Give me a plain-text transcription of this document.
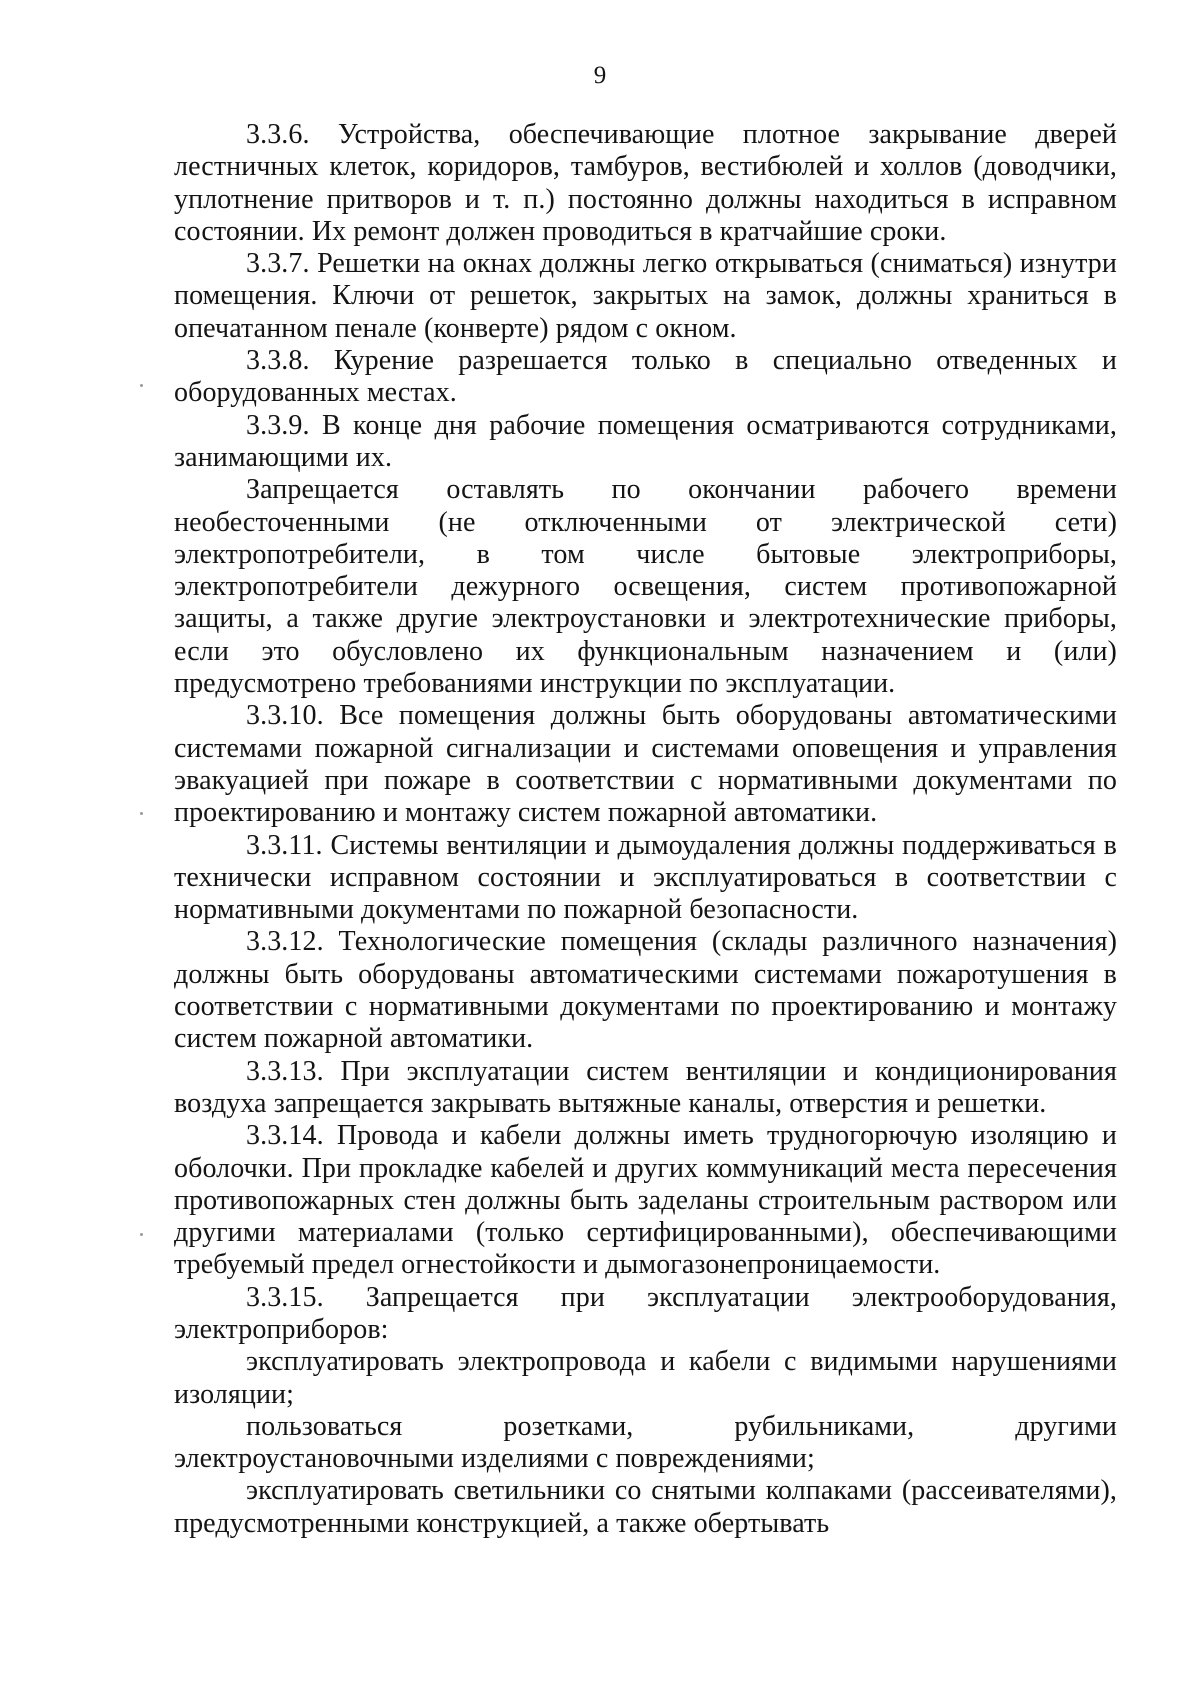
9

3.3.6. Устройства, обеспечивающие плотное закрывание дверей лестничных клеток, коридоров, тамбуров, вестибюлей и холлов (доводчики, уплотнение притворов и т. п.) постоянно должны находиться в исправном состоянии. Их ремонт должен проводиться в кратчайшие сроки.

3.3.7. Решетки на окнах должны легко открываться (сниматься) изнутри помещения. Ключи от решеток, закрытых на замок, должны храниться в опечатанном пенале (конверте) рядом с окном.

3.3.8. Курение разрешается только в специально отведенных и оборудованных местах.

3.3.9. В конце дня рабочие помещения осматриваются сотрудниками, занимающими их.

Запрещается оставлять по окончании рабочего времени необесточенными (не отключенными от электрической сети) электропотребители, в том числе бытовые электроприборы, электропотребители дежурного освещения, систем противопожарной защиты, а также другие электроустановки и электротехнические приборы, если это обусловлено их функциональным назначением и (или) предусмотрено требованиями инструкции по эксплуатации.

3.3.10. Все помещения должны быть оборудованы автоматическими системами пожарной сигнализации и системами оповещения и управления эвакуацией при пожаре в соответствии с нормативными документами по проектированию и монтажу систем пожарной автоматики.

3.3.11. Системы вентиляции и дымоудаления должны поддерживаться в технически исправном состоянии и эксплуатироваться в соответствии с нормативными документами по пожарной безопасности.

3.3.12. Технологические помещения (склады различного назначения) должны быть оборудованы автоматическими системами пожаротушения в соответствии с нормативными документами по проектированию и монтажу систем пожарной автоматики.

3.3.13. При эксплуатации систем вентиляции и кондиционирования воздуха запрещается закрывать вытяжные каналы, отверстия и решетки.

3.3.14. Провода и кабели должны иметь трудногорючую изоляцию и оболочки. При прокладке кабелей и других коммуникаций места пересечения противопожарных стен должны быть заделаны строительным раствором или другими материалами (только сертифицированными), обеспечивающими требуемый предел огнестойкости и дымогазонепроницаемости.

3.3.15. Запрещается при эксплуатации электрооборудования, электроприборов:

эксплуатировать электропровода и кабели с видимыми нарушениями изоляции;

пользоваться розетками, рубильниками, другими электроустановочными изделиями с повреждениями;

эксплуатировать светильники со снятыми колпаками (рассеивателями), предусмотренными конструкцией, а также обертывать
